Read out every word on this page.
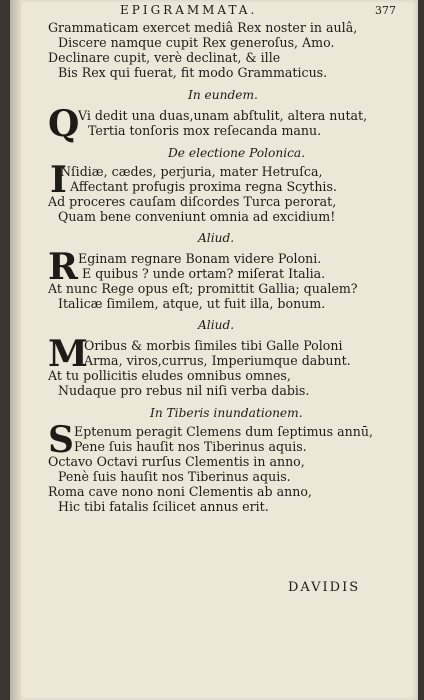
EPIGRAMMATA.	377
Grammaticam exercet mediâ Rex noster in aulâ,
Discere namque cupit Rex generoſus, Amo.
Declinare cupit, verè declinat, & ille
Bis Rex qui fuerat, fit modo Grammaticus.
In eundem.
Q
Vi dedit una duas,unam abſtulit, altera nutat,
Tertia tonſoris mox reſecanda manu.
De electione Polonica.
I
Nſidiæ, cædes, perjuria, mater Hetruſca,
Affectant profugis proxima regna Scythis.
Ad proceres cauſam diſcordes Turca perorat,
Quam bene conveniunt omnia ad excidium!
Aliud.
R Eginam regnare Bonam videre Poloni.
E quibus ? unde ortam? miſerat Italia.
At nunc Rege opus eſt; promittit Gallia; qualem?
Italicæ ſimilem, atque, ut fuit illa, bonum.
Aliud.
M
Oribus & morbis ſimiles tibi Galle Poloni
Arma, viros,currus, Imperiumque dabunt.
At tu pollicitis eludes omnibus omnes,
Nudaque pro rebus nil niſi verba dabis.
In Tiberis inundationem.
S Eptenum peragit Clemens dum ſeptimus annū,
Pene ſuis hauſit nos Tiberinus aquis.
Octavo Octavi rurſus Clementis in anno,
Penè ſuis hauſit nos Tiberinus aquis.
Roma cave nono noni Clementis ab anno,
Hic tibi fatalis ſcilicet annus erit.
DAVIDIS
